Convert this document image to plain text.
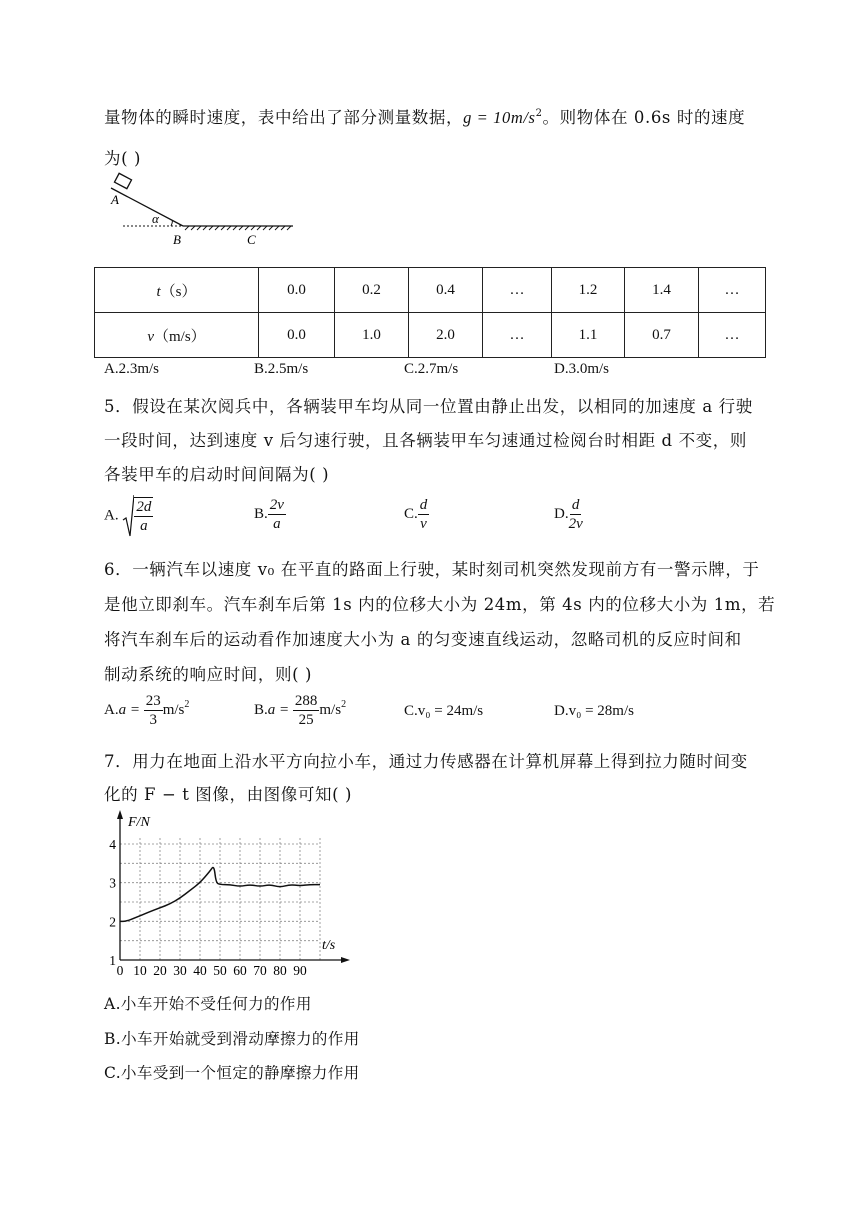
量物体的瞬时速度，表中给出了部分测量数据，$g = 10m/s^2$。则物体在 0.6s 时的速度
为( )
A
α
B	C
t（s）	0.0	0.2	0.4	…	1.2	1.4	…
v（m/s）	0.0	1.0	2.0	…	1.1	0.7	…
A.2.3m/s	B.2.5m/s	C.2.7m/s	D.3.0m/s
5．假设在某次阅兵中，各辆装甲车均从同一位置由静止出发，以相同的加速度 a 行驶
一段时间，达到速度 v 后匀速行驶，且各辆装甲车匀速通过检阅台时相距 d 不变，则
各装甲车的启动时间间隔为( )
A. $\frac{2d}{a}$	B. $\frac{2v}{a}$	C. $\frac{d}{v}$	D. $\frac{d}{2v}$
6．一辆汽车以速度 v₀ 在平直的路面上行驶，某时刻司机突然发现前方有一警示牌，于
是他立即刹车。汽车刹车后第 1s 内的位移大小为 24m，第 4s 内的位移大小为 1m，若
将汽车刹车后的运动看作加速度大小为 a 的匀变速直线运动，忽略司机的反应时间和
制动系统的响应时间，则( )
$A.a = \frac{23}{3} m/s^2$	$B.a = \frac{288}{25} m/s^2$	C.v₀ = 24m/s	D.v₀ = 28m/s
7．用力在地面上沿水平方向拉小车，通过力传感器在计算机屏幕上得到拉力随时间变
化的 F − t 图像，由图像可知( )
0 10 20 30 40 50 60 70 80 90
1
2
3
4
F/N
t/s
A.小车开始不受任何力的作用
B.小车开始就受到滑动摩擦力的作用
C.小车受到一个恒定的静摩擦力作用
